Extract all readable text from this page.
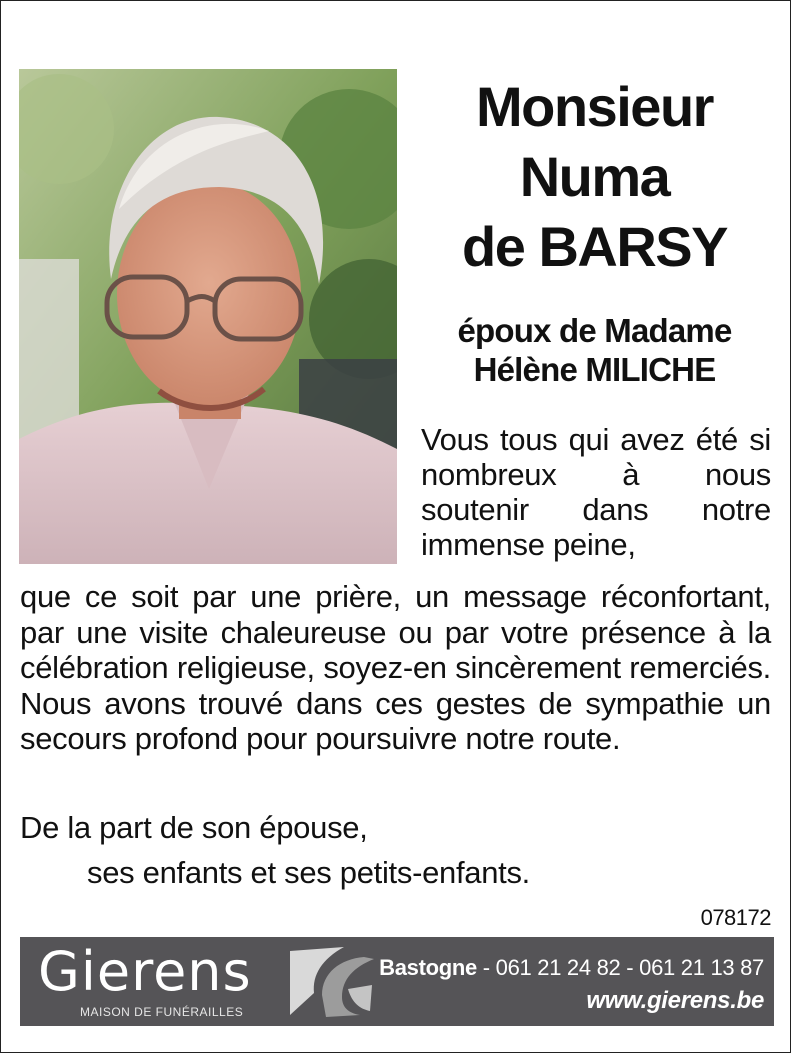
Monsieur
Numa
de BARSY
époux de Madame
Hélène MILICHE
Vous tous qui avez été si nombreux à nous soutenir dans notre immense peine,
que ce soit par une prière, un message réconfortant, par une visite chaleureuse ou par votre présence à la célébration religieuse, soyez-en sincèrement remerciés. Nous avons trouvé dans ces gestes de sympathie un secours profond pour poursuivre notre route.
De la part de son épouse,
ses enfants et ses petits-enfants.
078172
Gierens
MAISON DE FUNÉRAILLES
Bastogne - 061 21 24 82 - 061 21 13 87
www.gierens.be
